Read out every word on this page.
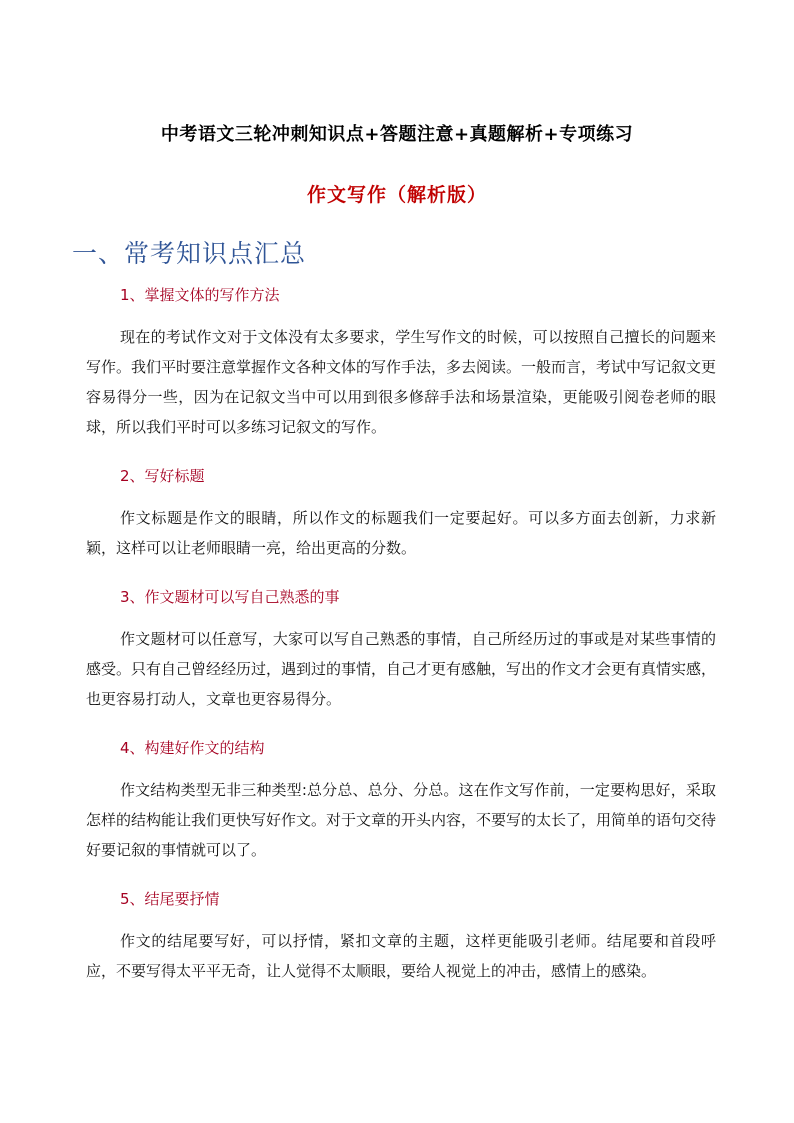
中考语文三轮冲刺知识点+答题注意+真题解析+专项练习
作文写作（解析版）
一、常考知识点汇总
1、掌握文体的写作方法
现在的考试作文对于文体没有太多要求，学生写作文的时候，可以按照自己擅长的问题来写作。我们平时要注意掌握作文各种文体的写作手法，多去阅读。一般而言，考试中写记叙文更容易得分一些，因为在记叙文当中可以用到很多修辞手法和场景渲染，更能吸引阅卷老师的眼球，所以我们平时可以多练习记叙文的写作。
2、写好标题
作文标题是作文的眼睛，所以作文的标题我们一定要起好。可以多方面去创新，力求新颖，这样可以让老师眼睛一亮，给出更高的分数。
3、作文题材可以写自己熟悉的事
作文题材可以任意写，大家可以写自己熟悉的事情，自己所经历过的事或是对某些事情的感受。只有自己曾经经历过，遇到过的事情，自己才更有感触，写出的作文才会更有真情实感，也更容易打动人，文章也更容易得分。
4、构建好作文的结构
作文结构类型无非三种类型:总分总、总分、分总。这在作文写作前，一定要构思好，采取怎样的结构能让我们更快写好作文。对于文章的开头内容，不要写的太长了，用简单的语句交待好要记叙的事情就可以了。
5、结尾要抒情
作文的结尾要写好，可以抒情，紧扣文章的主题，这样更能吸引老师。结尾要和首段呼应，不要写得太平平无奇，让人觉得不太顺眼，要给人视觉上的冲击，感情上的感染。
